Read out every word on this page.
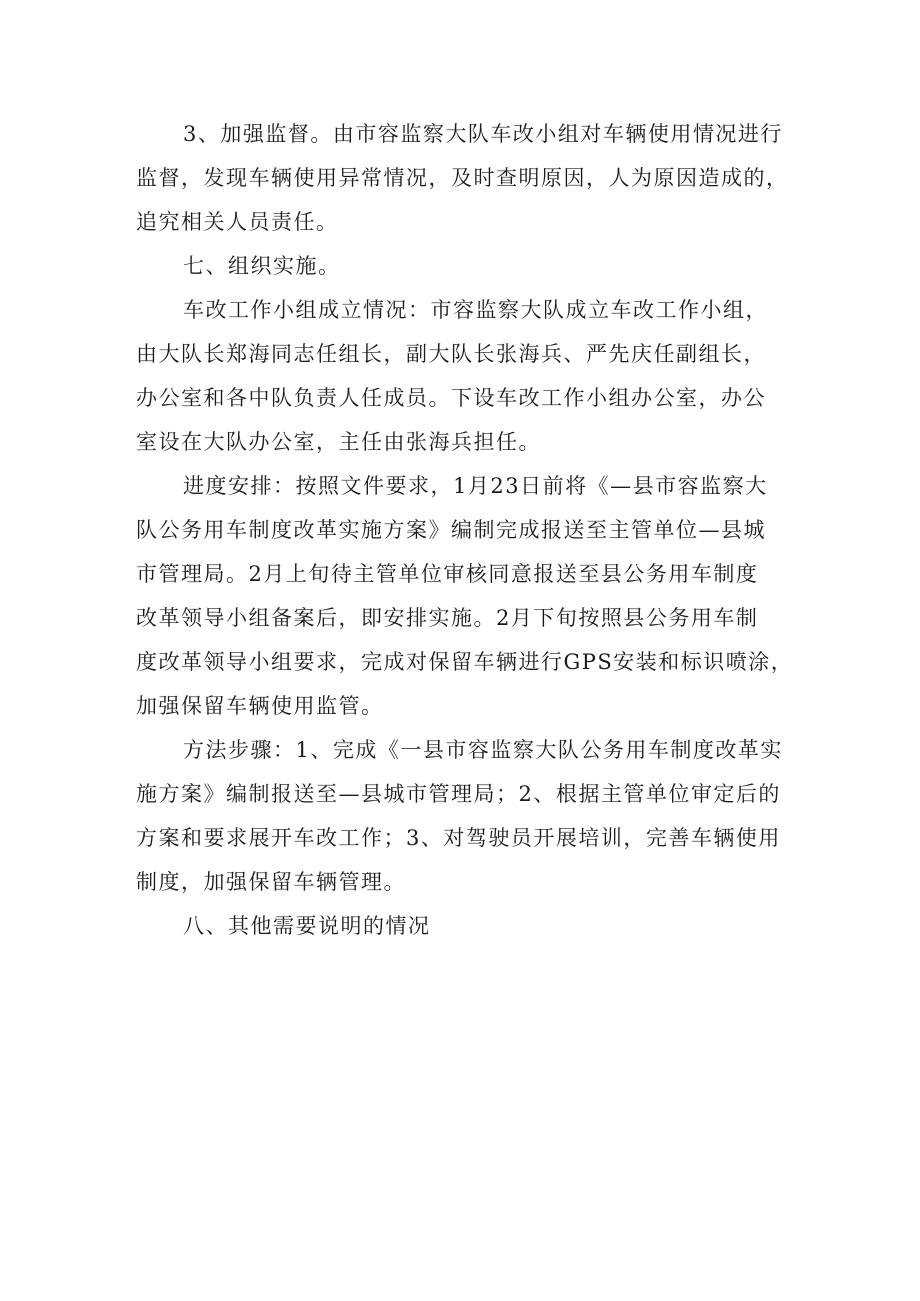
3、加强监督。由市容监察大队车改小组对车辆使用情况进行
监督，发现车辆使用异常情况，及时查明原因，人为原因造成的，
追究相关人员责任。
七、组织实施。
车改工作小组成立情况：市容监察大队成立车改工作小组，
由大队长郑海同志任组长，副大队长张海兵、严先庆任副组长，
办公室和各中队负责人任成员。下设车改工作小组办公室，办公
室设在大队办公室，主任由张海兵担任。
进度安排：按照文件要求，1月23日前将《—县市容监察大
队公务用车制度改革实施方案》编制完成报送至主管单位—县城
市管理局。2月上旬待主管单位审核同意报送至县公务用车制度
改革领导小组备案后，即安排实施。2月下旬按照县公务用车制
度改革领导小组要求，完成对保留车辆进行GPS安装和标识喷涂，
加强保留车辆使用监管。
方法步骤：1、完成《一县市容监察大队公务用车制度改革实
施方案》编制报送至—县城市管理局；2、根据主管单位审定后的
方案和要求展开车改工作；3、对驾驶员开展培训，完善车辆使用
制度，加强保留车辆管理。
八、其他需要说明的情况
